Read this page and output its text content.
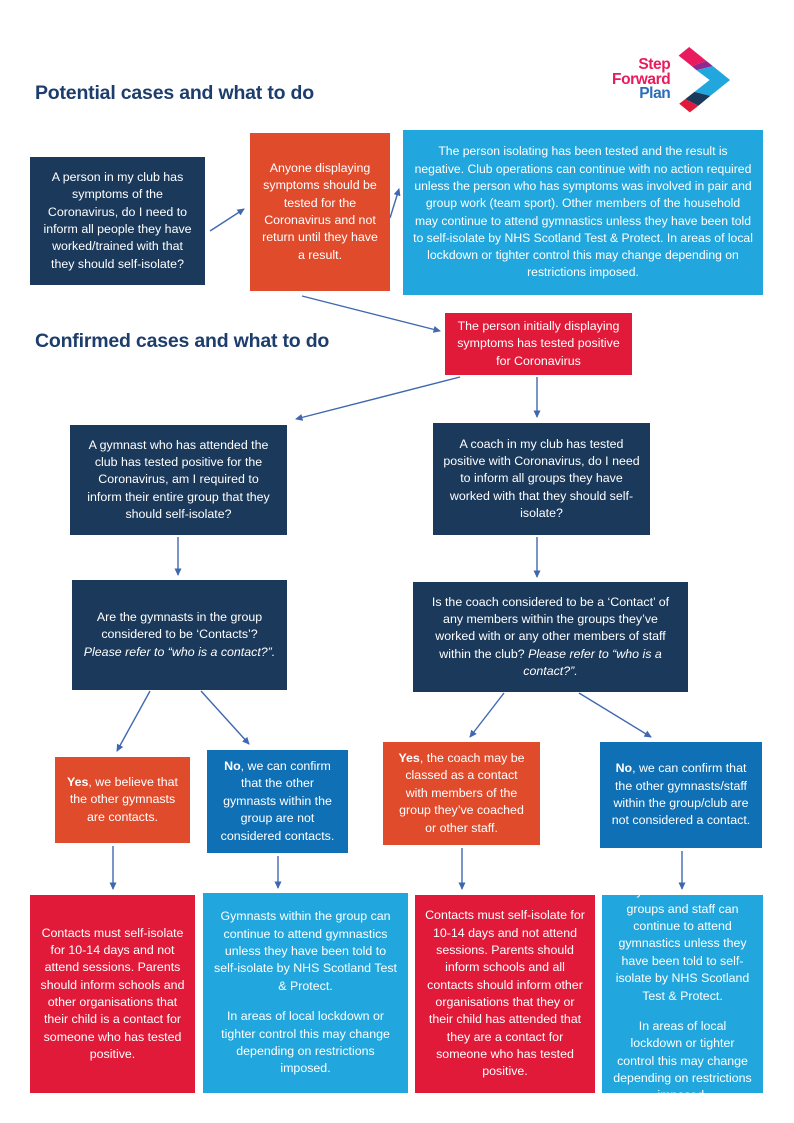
Step
Forward
Plan
Potential cases and what to do
Confirmed cases and what to do
A person in my club has symptoms of the Coronavirus, do I need to inform all people they have worked/trained with that they should self-isolate?
Anyone displaying symptoms should be tested for the Coronavirus and not return until they have a result.
The person isolating has been tested and the result is negative. Club operations can continue with no action required unless the person who has symptoms was involved in pair and group work (team sport). Other members of the household may continue to attend gymnastics unless they have been told to self-isolate by NHS Scotland Test & Protect. In areas of local lockdown or tighter control this may change depending on restrictions imposed.
The person initially displaying symptoms has tested positive for Coronavirus
A gymnast who has attended the club has tested positive for the Coronavirus, am I required to inform their entire group that they should self-isolate?
A coach in my club has tested positive with Coronavirus, do I need to inform all groups they have worked with that they should self-isolate?
Are the gymnasts in the group considered to be ‘Contacts’? Please refer to “who is a contact?”.
Is the coach considered to be a ‘Contact’ of any members within the groups they’ve worked with or any other members of staff within the club? Please refer to “who is a contact?”.
Yes, we believe that the other gymnasts are contacts.
No, we can confirm that the other gymnasts within the group are not considered contacts.
Yes, the coach may be classed as a contact with members of the group they’ve coached or other staff.
No, we can confirm that the other gymnasts/staff within the group/club are not considered a contact.
Contacts must self-isolate for 10-14 days and not attend sessions. Parents should inform schools and other organisations that their child is a contact for someone who has tested positive.
Gymnasts within the group can continue to attend gymnastics unless they have been told to self-isolate by NHS Scotland Test & Protect.
In areas of local lockdown or tighter control this may change depending on restrictions imposed.
Contacts must self-isolate for 10-14 days and not attend sessions. Parents should inform schools and all contacts should inform other organisations that they or their child has attended that they are a contact for someone who has tested positive.
Gymnasts within the groups and staff can continue to attend gymnastics unless they have been told to self-isolate by NHS Scotland Test & Protect.
In areas of local lockdown or tighter control this may change depending on restrictions imposed.
